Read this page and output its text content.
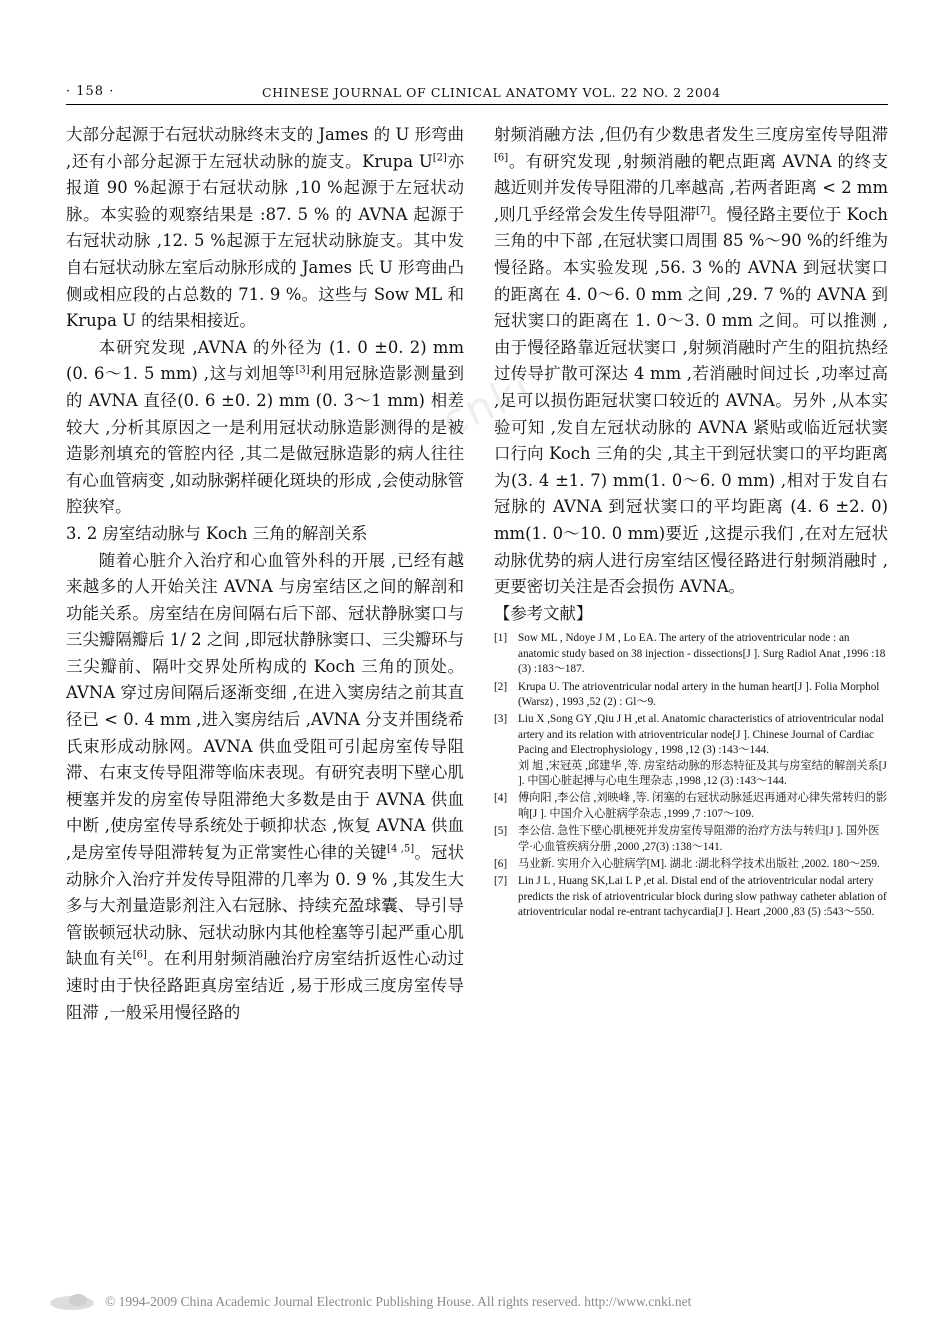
· 158 ·	CHINESE JOURNAL OF CLINICAL ANATOMY VOL. 22 NO. 2 2004
cnki

大部分起源于右冠状动脉终末支的 James 的 U 形弯曲 ,还有小部分起源于左冠状动脉的旋支。Krupa U[2]亦报道 90 %起源于右冠状动脉 ,10 %起源于左冠状动脉。本实验的观察结果是 :87. 5 % 的 AVNA 起源于右冠状动脉 ,12. 5 %起源于左冠状动脉旋支。其中发自右冠状动脉左室后动脉形成的 James 氏 U 形弯曲凸侧或相应段的占总数的 71. 9 %。这些与 Sow ML 和 Krupa U 的结果相接近。

本研究发现 ,AVNA 的外径为 (1. 0 ±0. 2) mm (0. 6～1. 5 mm) ,这与刘旭等[3]利用冠脉造影测量到的 AVNA 直径(0. 6 ±0. 2) mm (0. 3～1 mm) 相差较大 ,分析其原因之一是利用冠状动脉造影测得的是被造影剂填充的管腔内径 ,其二是做冠脉造影的病人往往有心血管病变 ,如动脉粥样硬化斑块的形成 ,会使动脉管腔狭窄。

3. 2 房室结动脉与 Koch 三角的解剖关系

随着心脏介入治疗和心血管外科的开展 ,已经有越来越多的人开始关注 AVNA 与房室结区之间的解剖和功能关系。房室结在房间隔右后下部、冠状静脉窦口与三尖瓣隔瓣后 1/ 2 之间 ,即冠状静脉窦口、三尖瓣环与三尖瓣前、隔叶交界处所构成的 Koch 三角的顶处。AVNA 穿过房间隔后逐渐变细 ,在进入窦房结之前其直径已 < 0. 4 mm ,进入窦房结后 ,AVNA 分支并围绕希氏束形成动脉网。AVNA 供血受阻可引起房室传导阻滞、右束支传导阻滞等临床表现。有研究表明下壁心肌梗塞并发的房室传导阻滞绝大多数是由于 AVNA 供血中断 ,使房室传导系统处于顿抑状态 ,恢复 AVNA 供血 ,是房室传导阻滞转复为正常窦性心律的关键[4 ,5]。冠状动脉介入治疗并发传导阻滞的几率为 0. 9 % ,其发生大多与大剂量造影剂注入右冠脉、持续充盈球囊、导引导管嵌顿冠状动脉、冠状动脉内其他栓塞等引起严重心肌缺血有关[6]。在利用射频消融治疗房室结折返性心动过速时由于快径路距真房室结近 ,易于形成三度房室传导阻滞 ,一般采用慢径路的

射频消融方法 ,但仍有少数患者发生三度房室传导阻滞[6]。有研究发现 ,射频消融的靶点距离 AVNA 的终支越近则并发传导阻滞的几率越高 ,若两者距离 < 2 mm ,则几乎经常会发生传导阻滞[7]。慢径路主要位于 Koch 三角的中下部 ,在冠状窦口周围 85 %～90 %的纤维为慢径路。本实验发现 ,56. 3 %的 AVNA 到冠状窦口的距离在 4. 0～6. 0 mm 之间 ,29. 7 %的 AVNA 到冠状窦口的距离在 1. 0～3. 0 mm 之间。可以推测 ,由于慢径路靠近冠状窦口 ,射频消融时产生的阻抗热经过传导扩散可深达 4 mm ,若消融时间过长 ,功率过高 ,足可以损伤距冠状窦口较近的 AVNA。另外 ,从本实验可知 ,发自左冠状动脉的 AVNA 紧贴或临近冠状窦口行向 Koch 三角的尖 ,其主干到冠状窦口的平均距离为(3. 4 ±1. 7) mm(1. 0～6. 0 mm) ,相对于发自右冠脉的 AVNA 到冠状窦口的平均距离 (4. 6 ±2. 0) mm(1. 0～10. 0 mm)要近 ,这提示我们 ,在对左冠状动脉优势的病人进行房室结区慢径路进行射频消融时 ,更要密切关注是否会损伤 AVNA。

【参考文献】

[1] Sow ML , Ndoye J M , Lo EA. The artery of the atrioventricular node : an anatomic study based on 38 injection - dissections[J ]. Surg Radiol Anat ,1996 :18 (3) :183～187.
[2] Krupa U. The atrioventricular nodal artery in the human heart[J ]. Folia Morphol (Warsz) , 1993 ,52 (2) : Gl～9.
[3] Liu X ,Song GY ,Qiu J H ,et al. Anatomic characteristics of atrioventricular nodal artery and its relation with atrioventricular node[J ]. Chinese Journal of Cardiac Pacing and Electrophysiology , 1998 ,12 (3) :143～144.
刘 旭 ,宋冠英 ,邱建华 ,等. 房室结动脉的形态特征及其与房室结的解剖关系[J ]. 中国心脏起搏与心电生理杂志 ,1998 ,12 (3) :143～144.
[4] 傅向阳 ,李公信 ,刘映峰 ,等. 闭塞的右冠状动脉延迟再通对心律失常转归的影响[J ]. 中国介入心脏病学杂志 ,1999 ,7 :107～109.
[5] 李公信. 急性下壁心肌梗死并发房室传导阻滞的治疗方法与转归[J ]. 国外医学·心血管疾病分册 ,2000 ,27(3) :138～141.
[6] 马业新. 实用介入心脏病学[M]. 湖北 :湖北科学技术出版社 ,2002. 180～259.
[7] Lin J L , Huang SK,Lai L P ,et al. Distal end of the atrioventricular nodal artery predicts the risk of atrioventricular block during slow pathway catheter ablation of atrioventricular nodal re-entrant tachycardia[J ]. Heart ,2000 ,83 (5) :543～550.
© 1994-2009 China Academic Journal Electronic Publishing House. All rights reserved. http://www.cnki.net
